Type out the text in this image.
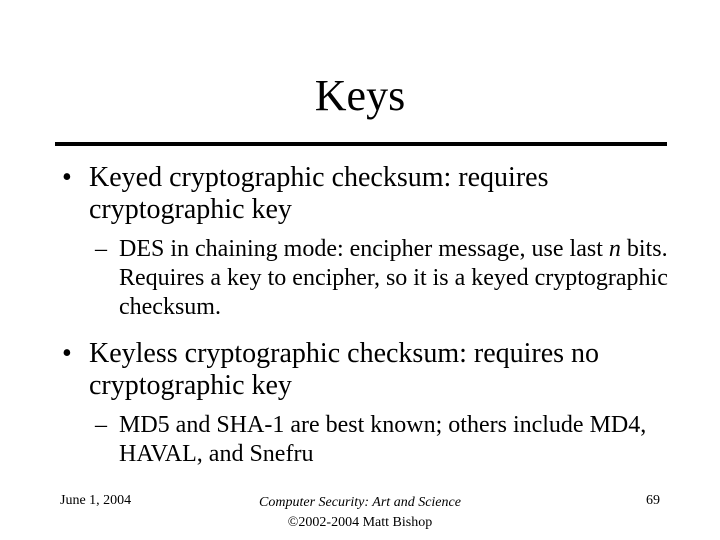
Keys
• Keyed cryptographic checksum: requires cryptographic key
– DES in chaining mode: encipher message, use last n bits. Requires a key to encipher, so it is a keyed cryptographic checksum.
• Keyless cryptographic checksum: requires no cryptographic key
– MD5 and SHA-1 are best known; others include MD4, HAVAL, and Snefru
June 1, 2004	Computer Security: Art and Science
©2002-2004 Matt Bishop
69
